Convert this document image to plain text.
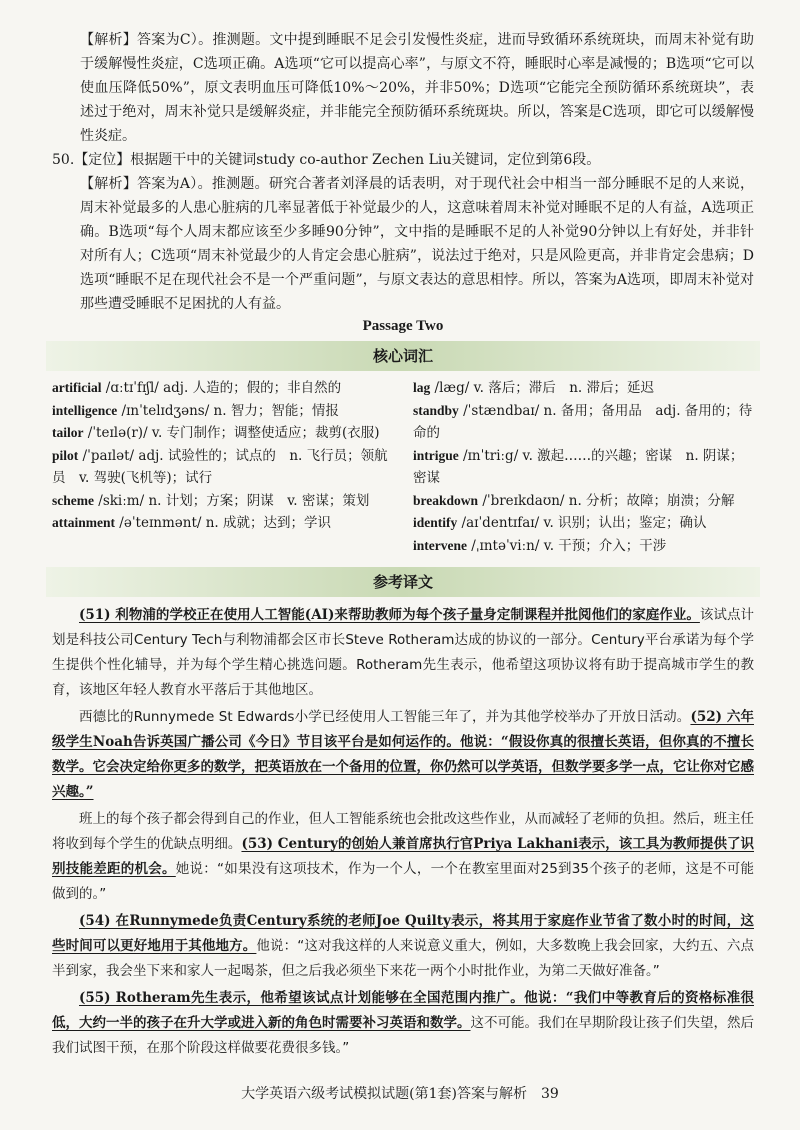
【解析】答案为C）。推测题。文中提到睡眠不足会引发慢性炎症，进而导致循环系统斑块，而周末补觉有助于缓解慢性炎症，C选项正确。A选项“它可以提高心率”，与原文不符，睡眠时心率是减慢的；B选项“它可以使血压降低50%”，原文表明血压可降低10%～20%，并非50%；D选项“它能完全预防循环系统斑块”，表述过于绝对，周末补觉只是缓解炎症，并非能完全预防循环系统斑块。所以，答案是C选项，即它可以缓解慢性炎症。

50.【定位】根据题干中的关键词study co-author Zechen Liu关键词，定位到第6段。

【解析】答案为A）。推测题。研究合著者刘泽晨的话表明，对于现代社会中相当一部分睡眠不足的人来说，周末补觉最多的人患心脏病的几率显著低于补觉最少的人，这意味着周末补觉对睡眠不足的人有益，A选项正确。B选项“每个人周末都应该至少多睡90分钟”，文中指的是睡眠不足的人补觉90分钟以上有好处，并非针对所有人；C选项“周末补觉最少的人肯定会患心脏病”，说法过于绝对，只是风险更高，并非肯定会患病；D选项“睡眠不足在现代社会不是一个严重问题”，与原文表达的意思相悖。所以，答案为A选项，即周末补觉对那些遭受睡眠不足困扰的人有益。

Passage Two
核心词汇

artificial /ɑːtɪˈfɪʃl/ adj. 人造的；假的；非自然的

intelligence /ɪnˈtelɪdʒəns/ n. 智力；智能；情报

tailor /ˈteɪlə(r)/ v. 专门制作；调整使适应；裁剪(衣服)

pilot /ˈpaɪlət/ adj. 试验性的；试点的　n. 飞行员；领航员　v. 驾驶(飞机等)；试行

scheme /skiːm/ n. 计划；方案；阴谋　v. 密谋；策划

attainment /əˈteɪnmənt/ n. 成就；达到；学识

lag /læg/ v. 落后；滞后　n. 滞后；延迟

standby /ˈstændbaɪ/ n. 备用；备用品　adj. 备用的；待命的

intrigue /ɪnˈtriːg/ v. 激起……的兴趣；密谋　n. 阴谋；密谋

breakdown /ˈbreɪkdaʊn/ n. 分析；故障；崩溃；分解

identify /aɪˈdentɪfaɪ/ v. 识别；认出；鉴定；确认

intervene /ˌɪntəˈviːn/ v. 干预；介入；干涉

参考译文

(51) 利物浦的学校正在使用人工智能(AI)来帮助教师为每个孩子量身定制课程并批阅他们的家庭作业。该试点计划是科技公司Century Tech与利物浦都会区市长Steve Rotheram达成的协议的一部分。Century平台承诺为每个学生提供个性化辅导，并为每个学生精心挑选问题。Rotheram先生表示，他希望这项协议将有助于提高城市学生的教育，该地区年轻人教育水平落后于其他地区。

西德比的Runnymede St Edwards小学已经使用人工智能三年了，并为其他学校举办了开放日活动。(52) 六年级学生Noah告诉英国广播公司《今日》节目该平台是如何运作的。他说：“假设你真的很擅长英语，但你真的不擅长数学。它会决定给你更多的数学，把英语放在一个备用的位置，你仍然可以学英语，但数学要多学一点，它让你对它感兴趣。”

班上的每个孩子都会得到自己的作业，但人工智能系统也会批改这些作业，从而减轻了老师的负担。然后，班主任将收到每个学生的优缺点明细。(53) Century的创始人兼首席执行官Priya Lakhani表示，该工具为教师提供了识别技能差距的机会。她说：“如果没有这项技术，作为一个人，一个在教室里面对25到35个孩子的老师，这是不可能做到的。”

(54) 在Runnymede负责Century系统的老师Joe Quilty表示，将其用于家庭作业节省了数小时的时间，这些时间可以更好地用于其他地方。他说：“这对我这样的人来说意义重大，例如，大多数晚上我会回家，大约五、六点半到家，我会坐下来和家人一起喝茶，但之后我必须坐下来花一两个小时批作业，为第二天做好准备。”

(55) Rotheram先生表示，他希望该试点计划能够在全国范围内推广。他说：“我们中等教育后的资格标准很低，大约一半的孩子在升大学或进入新的角色时需要补习英语和数学。这不可能。我们在早期阶段让孩子们失望，然后我们试图干预，在那个阶段这样做要花费很多钱。”

大学英语六级考试模拟试题(第1套)答案与解析　39
